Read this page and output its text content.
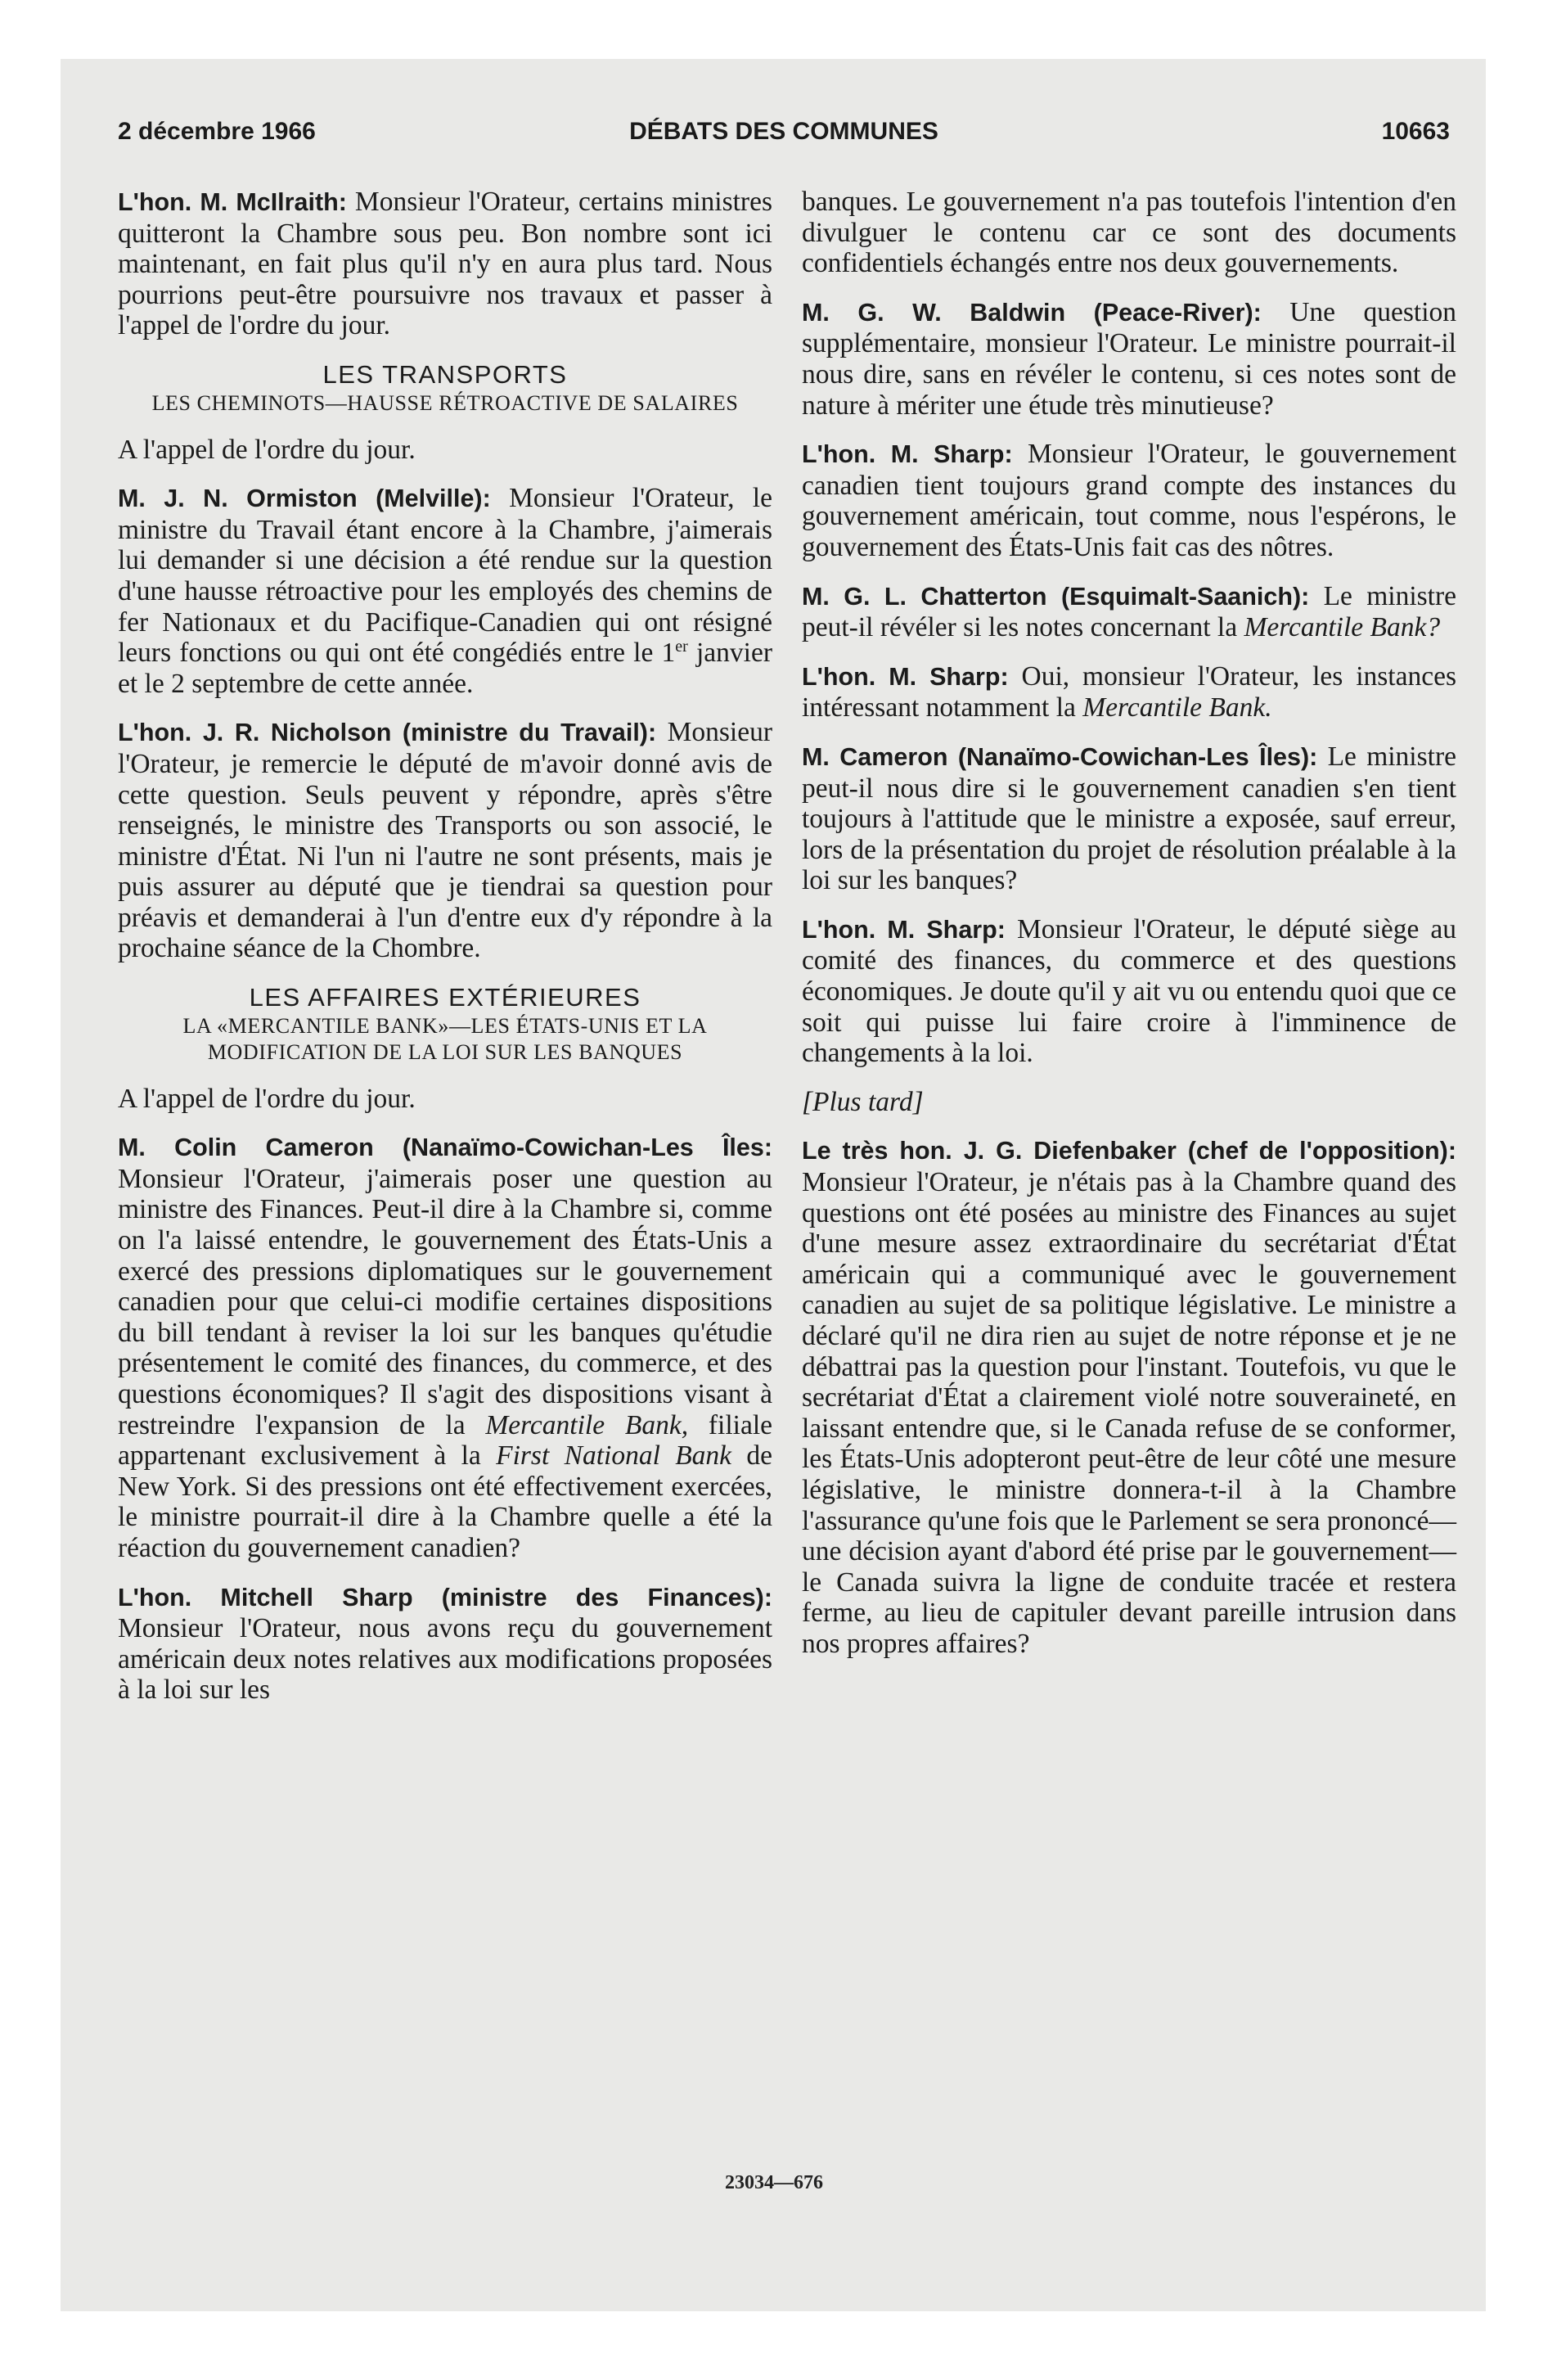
2 décembre 1966	DÉBATS DES COMMUNES	10663

L'hon. M. McIlraith: Monsieur l'Orateur, certains ministres quitteront la Chambre sous peu. Bon nombre sont ici maintenant, en fait plus qu'il n'y en aura plus tard. Nous pourrions peut-être poursuivre nos travaux et passer à l'appel de l'ordre du jour.

LES TRANSPORTS

LES CHEMINOTS—HAUSSE RÉTROACTIVE DE SALAIRES

A l'appel de l'ordre du jour.

M. J. N. Ormiston (Melville): Monsieur l'Orateur, le ministre du Travail étant encore à la Chambre, j'aimerais lui demander si une décision a été rendue sur la question d'une hausse rétroactive pour les employés des chemins de fer Nationaux et du Pacifique-Canadien qui ont résigné leurs fonctions ou qui ont été congédiés entre le 1er janvier et le 2 septembre de cette année.

L'hon. J. R. Nicholson (ministre du Travail): Monsieur l'Orateur, je remercie le député de m'avoir donné avis de cette question. Seuls peuvent y répondre, après s'être renseignés, le ministre des Transports ou son associé, le ministre d'État. Ni l'un ni l'autre ne sont présents, mais je puis assurer au député que je tiendrai sa question pour préavis et demanderai à l'un d'entre eux d'y répondre à la prochaine séance de la Chombre.

LES AFFAIRES EXTÉRIEURES

LA «MERCANTILE BANK»—LES ÉTATS-UNIS ET LA MODIFICATION DE LA LOI SUR LES BANQUES

A l'appel de l'ordre du jour.

M. Colin Cameron (Nanaïmo-Cowichan-Les Îles: Monsieur l'Orateur, j'aimerais poser une question au ministre des Finances. Peut-il dire à la Chambre si, comme on l'a laissé entendre, le gouvernement des États-Unis a exercé des pressions diplomatiques sur le gouvernement canadien pour que celui-ci modifie certaines dispositions du bill tendant à reviser la loi sur les banques qu'étudie présentement le comité des finances, du commerce, et des questions économiques? Il s'agit des dispositions visant à restreindre l'expansion de la Mercantile Bank, filiale appartenant exclusivement à la First National Bank de New York. Si des pressions ont été effectivement exercées, le ministre pourrait-il dire à la Chambre quelle a été la réaction du gouvernement canadien?

L'hon. Mitchell Sharp (ministre des Finances): Monsieur l'Orateur, nous avons reçu du gouvernement américain deux notes relatives aux modifications proposées à la loi sur les

banques. Le gouvernement n'a pas toutefois l'intention d'en divulguer le contenu car ce sont des documents confidentiels échangés entre nos deux gouvernements.

M. G. W. Baldwin (Peace-River): Une question supplémentaire, monsieur l'Orateur. Le ministre pourrait-il nous dire, sans en révéler le contenu, si ces notes sont de nature à mériter une étude très minutieuse?

L'hon. M. Sharp: Monsieur l'Orateur, le gouvernement canadien tient toujours grand compte des instances du gouvernement américain, tout comme, nous l'espérons, le gouvernement des États-Unis fait cas des nôtres.

M. G. L. Chatterton (Esquimalt-Saanich): Le ministre peut-il révéler si les notes concernant la Mercantile Bank?

L'hon. M. Sharp: Oui, monsieur l'Orateur, les instances intéressant notamment la Mercantile Bank.

M. Cameron (Nanaïmo-Cowichan-Les Îles): Le ministre peut-il nous dire si le gouvernement canadien s'en tient toujours à l'attitude que le ministre a exposée, sauf erreur, lors de la présentation du projet de résolution préalable à la loi sur les banques?

L'hon. M. Sharp: Monsieur l'Orateur, le député siège au comité des finances, du commerce et des questions économiques. Je doute qu'il y ait vu ou entendu quoi que ce soit qui puisse lui faire croire à l'imminence de changements à la loi.

[Plus tard]

Le très hon. J. G. Diefenbaker (chef de l'opposition): Monsieur l'Orateur, je n'étais pas à la Chambre quand des questions ont été posées au ministre des Finances au sujet d'une mesure assez extraordinaire du secrétariat d'État américain qui a communiqué avec le gouvernement canadien au sujet de sa politique législative. Le ministre a déclaré qu'il ne dira rien au sujet de notre réponse et je ne débattrai pas la question pour l'instant. Toutefois, vu que le secrétariat d'État a clairement violé notre souveraineté, en laissant entendre que, si le Canada refuse de se conformer, les États-Unis adopteront peut-être de leur côté une mesure législative, le ministre donnera-t-il à la Chambre l'assurance qu'une fois que le Parlement se sera prononcé—une décision ayant d'abord été prise par le gouvernement—le Canada suivra la ligne de conduite tracée et restera ferme, au lieu de capituler devant pareille intrusion dans nos propres affaires?

23034—676
